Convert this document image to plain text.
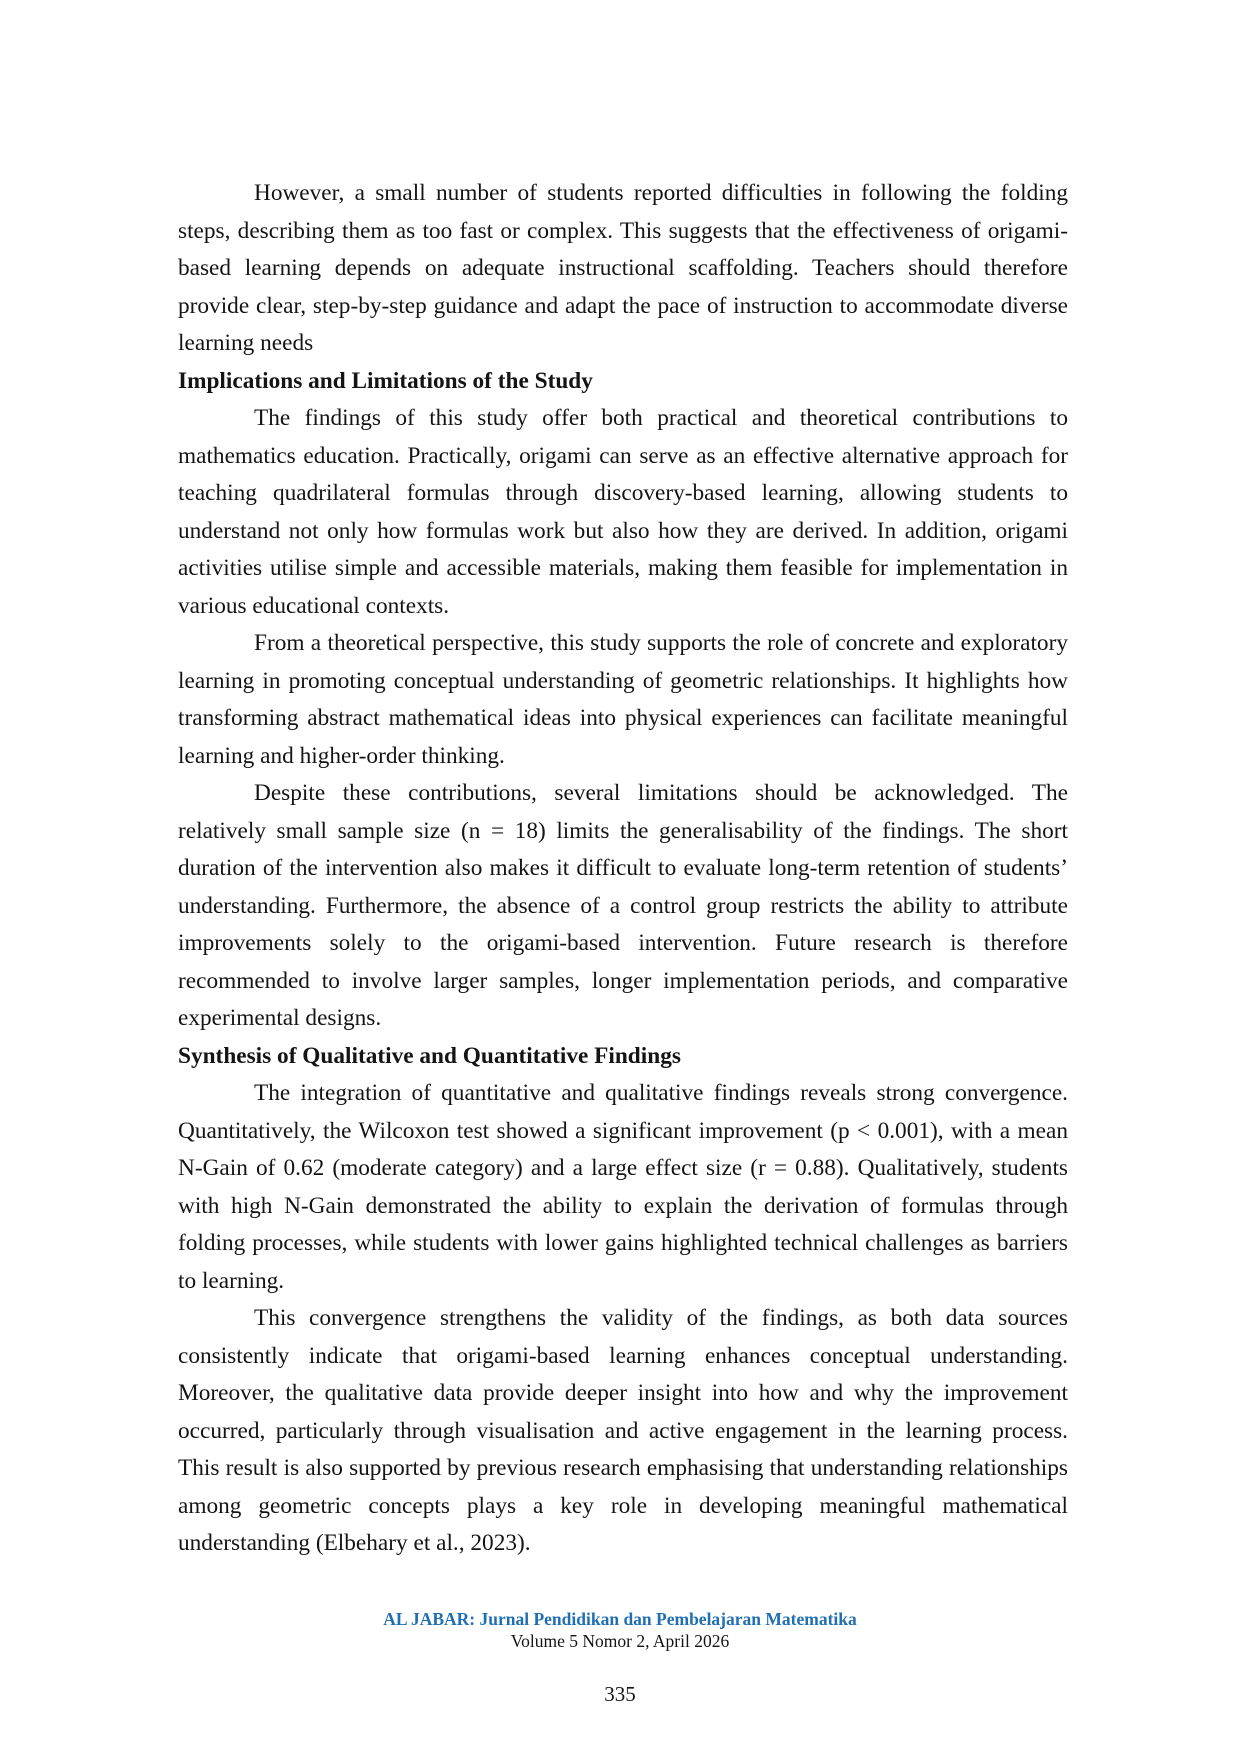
However, a small number of students reported difficulties in following the folding steps, describing them as too fast or complex. This suggests that the effectiveness of origami-based learning depends on adequate instructional scaffolding. Teachers should therefore provide clear, step-by-step guidance and adapt the pace of instruction to accommodate diverse learning needs

Implications and Limitations of the Study

The findings of this study offer both practical and theoretical contributions to mathematics education. Practically, origami can serve as an effective alternative approach for teaching quadrilateral formulas through discovery-based learning, allowing students to understand not only how formulas work but also how they are derived. In addition, origami activities utilise simple and accessible materials, making them feasible for implementation in various educational contexts.

From a theoretical perspective, this study supports the role of concrete and exploratory learning in promoting conceptual understanding of geometric relationships. It highlights how transforming abstract mathematical ideas into physical experiences can facilitate meaningful learning and higher-order thinking.

Despite these contributions, several limitations should be acknowledged. The relatively small sample size (n = 18) limits the generalisability of the findings. The short duration of the intervention also makes it difficult to evaluate long-term retention of students’ understanding. Furthermore, the absence of a control group restricts the ability to attribute improvements solely to the origami-based intervention. Future research is therefore recommended to involve larger samples, longer implementation periods, and comparative experimental designs.

Synthesis of Qualitative and Quantitative Findings

The integration of quantitative and qualitative findings reveals strong convergence. Quantitatively, the Wilcoxon test showed a significant improvement (p < 0.001), with a mean N-Gain of 0.62 (moderate category) and a large effect size (r = 0.88). Qualitatively, students with high N-Gain demonstrated the ability to explain the derivation of formulas through folding processes, while students with lower gains highlighted technical challenges as barriers to learning.

This convergence strengthens the validity of the findings, as both data sources consistently indicate that origami-based learning enhances conceptual understanding. Moreover, the qualitative data provide deeper insight into how and why the improvement occurred, particularly through visualisation and active engagement in the learning process. This result is also supported by previous research emphasising that understanding relationships among geometric concepts plays a key role in developing meaningful mathematical understanding (Elbehary et al., 2023).

AL JABAR: Jurnal Pendidikan dan Pembelajaran Matematika
Volume 5 Nomor 2, April 2026
335
